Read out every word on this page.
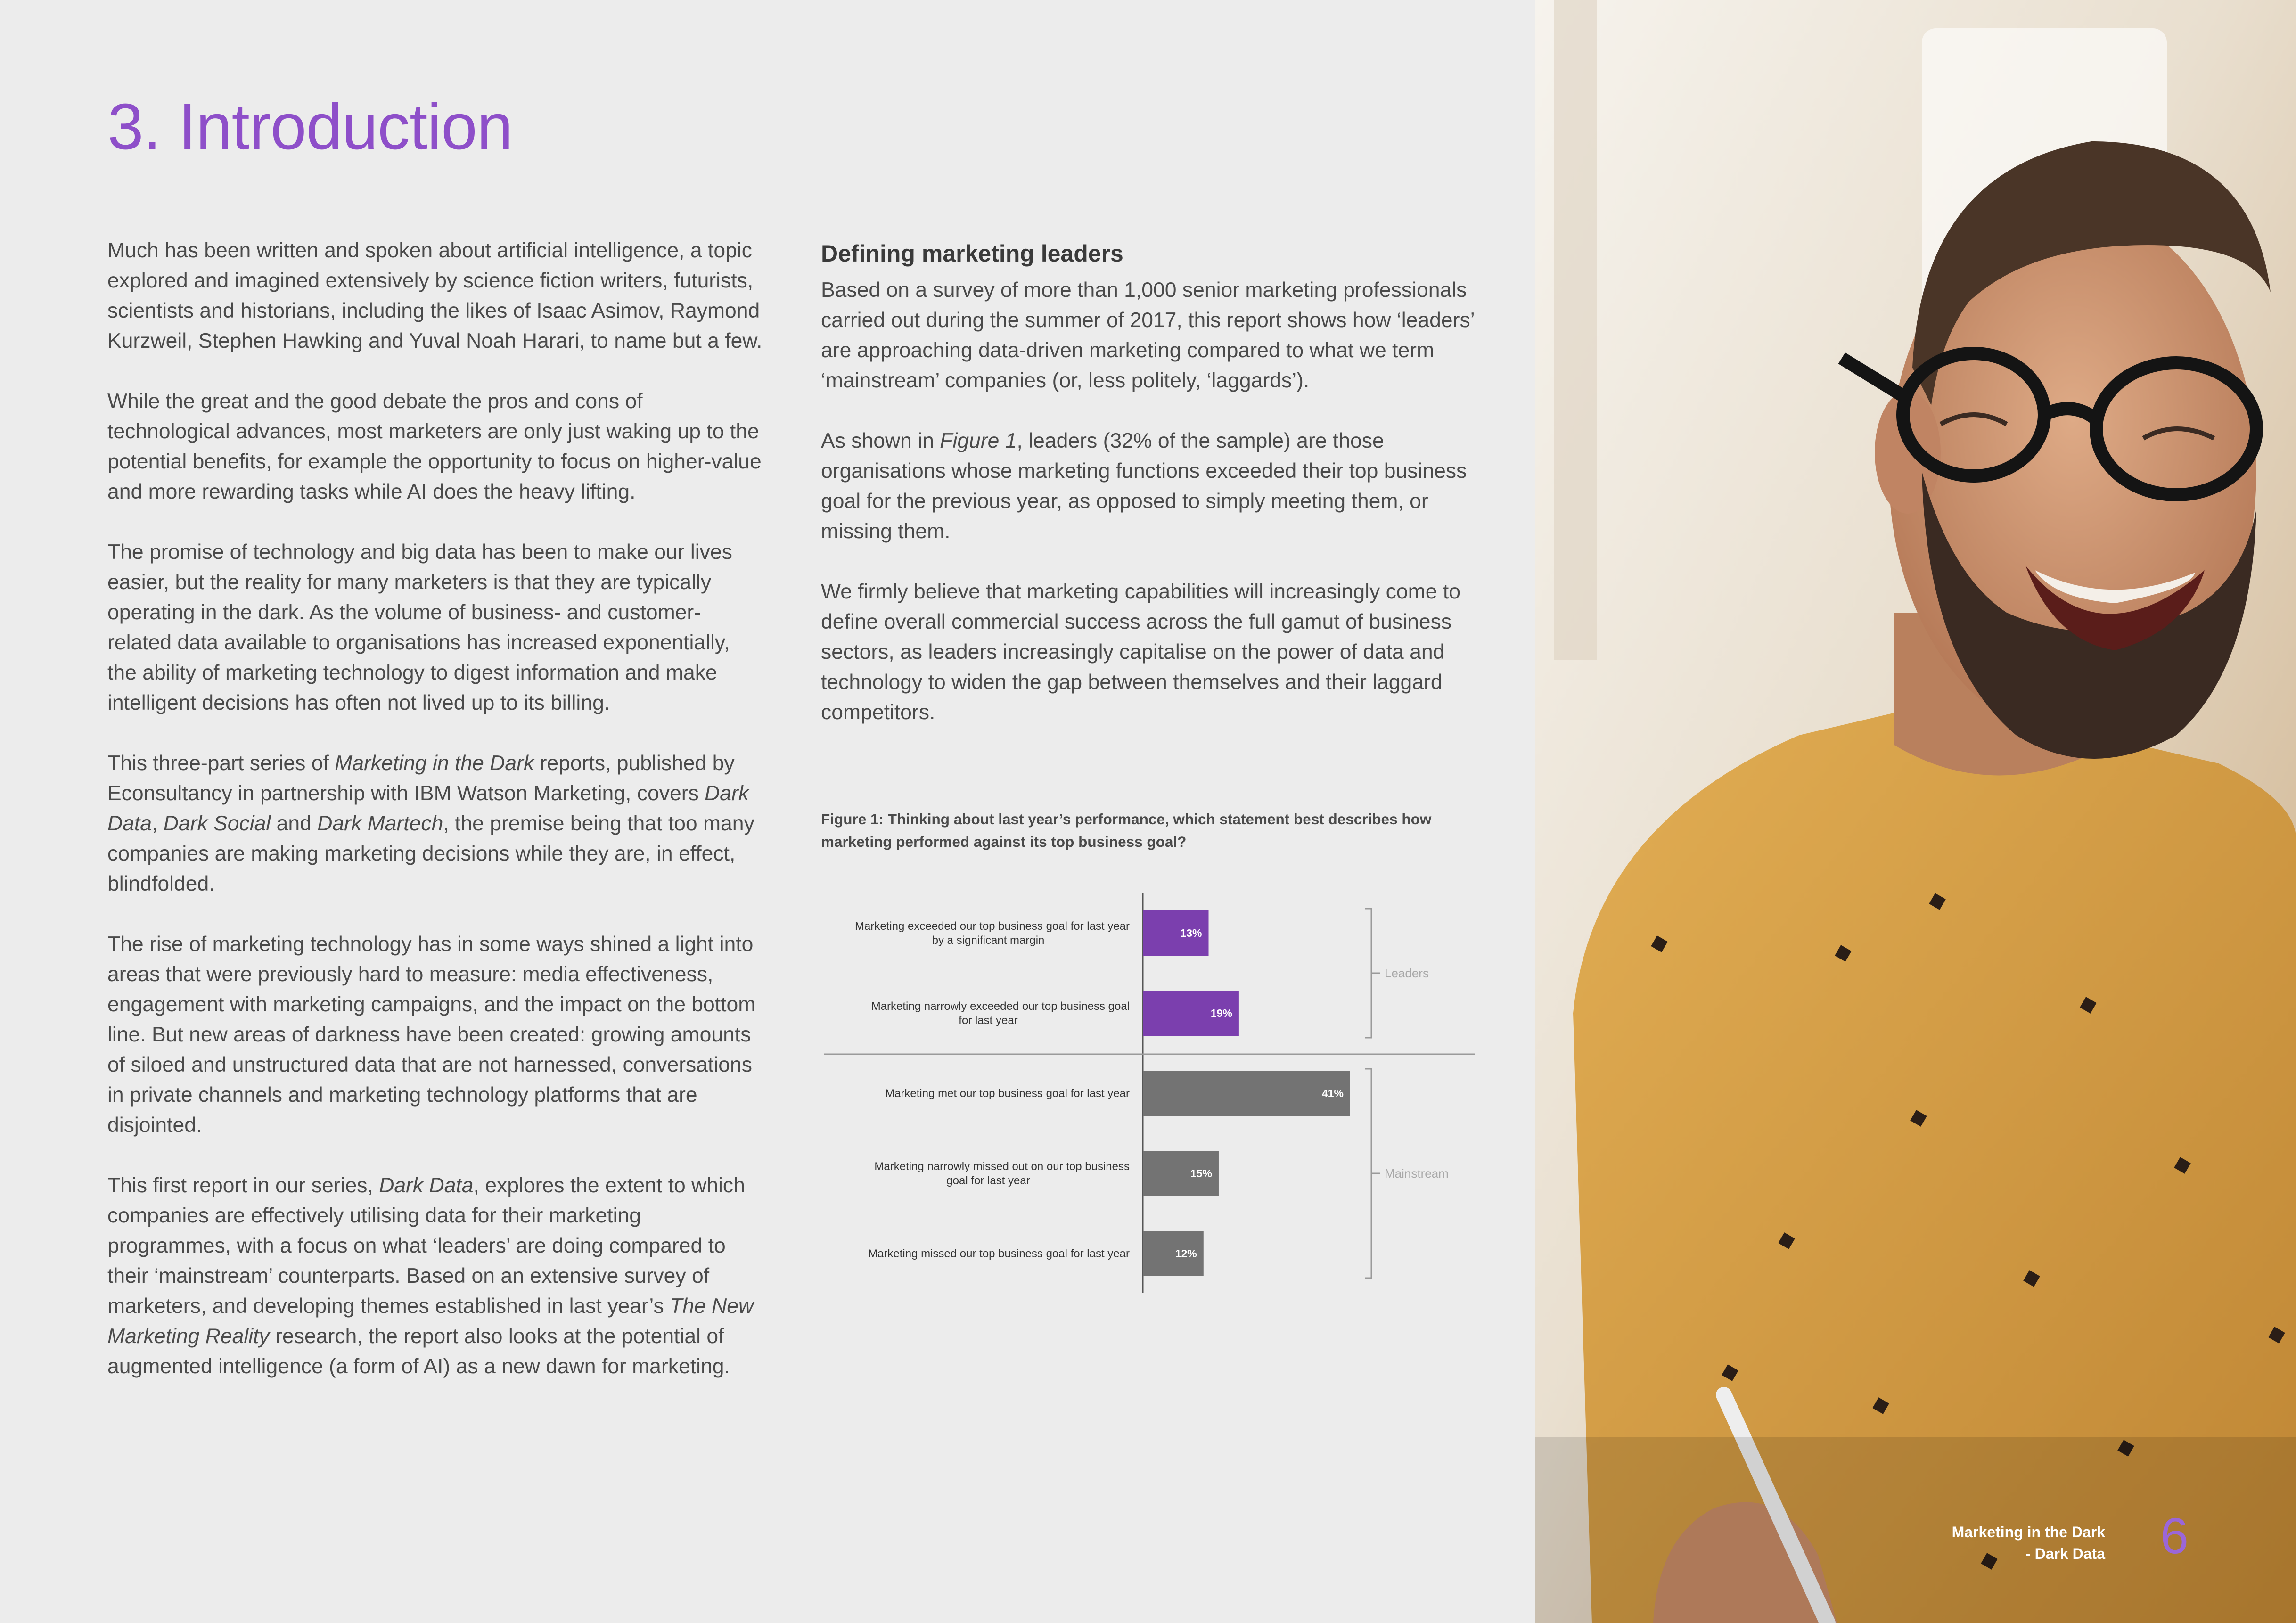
3. Introduction

Much has been written and spoken about artificial intelligence, a topic explored and imagined extensively by science fiction writers, futurists, scientists and historians, including the likes of Isaac Asimov, Raymond Kurzweil, Stephen Hawking and Yuval Noah Harari, to name but a few.

While the great and the good debate the pros and cons of technological advances, most marketers are only just waking up to the potential benefits, for example the opportunity to focus on higher-value and more rewarding tasks while AI does the heavy lifting.

The promise of technology and big data has been to make our lives easier, but the reality for many marketers is that they are typically operating in the dark. As the volume of business- and customer-related data available to organisations has increased exponentially, the ability of marketing technology to digest information and make intelligent decisions has often not lived up to its billing.

This three-part series of Marketing in the Dark reports, published by Econsultancy in partnership with IBM Watson Marketing, covers Dark Data, Dark Social and Dark Martech, the premise being that too many companies are making marketing decisions while they are, in effect, blindfolded.

The rise of marketing technology has in some ways shined a light into areas that were previously hard to measure: media effectiveness, engagement with marketing campaigns, and the impact on the bottom line. But new areas of darkness have been created: growing amounts of siloed and unstructured data that are not harnessed, conversations in private channels and marketing technology platforms that are disjointed.

This first report in our series, Dark Data, explores the extent to which companies are effectively utilising data for their marketing programmes, with a focus on what ‘leaders’ are doing compared to their ‘mainstream’ counterparts. Based on an extensive survey of marketers, and developing themes established in last year’s The New Marketing Reality research, the report also looks at the potential of augmented intelligence (a form of AI) as a new dawn for marketing.

Defining marketing leaders

Based on a survey of more than 1,000 senior marketing professionals carried out during the summer of 2017, this report shows how ‘leaders’ are approaching data-driven marketing compared to what we term ‘mainstream’ companies (or, less politely, ‘laggards’).

As shown in Figure 1, leaders (32% of the sample) are those organisations whose marketing functions exceeded their top business goal for the previous year, as opposed to simply meeting them, or missing them.

We firmly believe that marketing capabilities will increasingly come to define overall commercial success across the full gamut of business sectors, as leaders increasingly capitalise on the power of data and technology to widen the gap between themselves and their laggard competitors.

Figure 1: Thinking about last year’s performance, which statement best describes how marketing performed against its top business goal?

13%
Marketing exceeded our top business goal for last year
by a significant margin
19%
Marketing narrowly exceeded our top business goal
for last year
41%
Marketing met our top business goal for last year
15%
Marketing narrowly missed out on our top business
goal for last year
12%
Marketing missed our top business goal for last year
Leaders
Mainstream
Marketing in the Dark
- Dark Data 6
